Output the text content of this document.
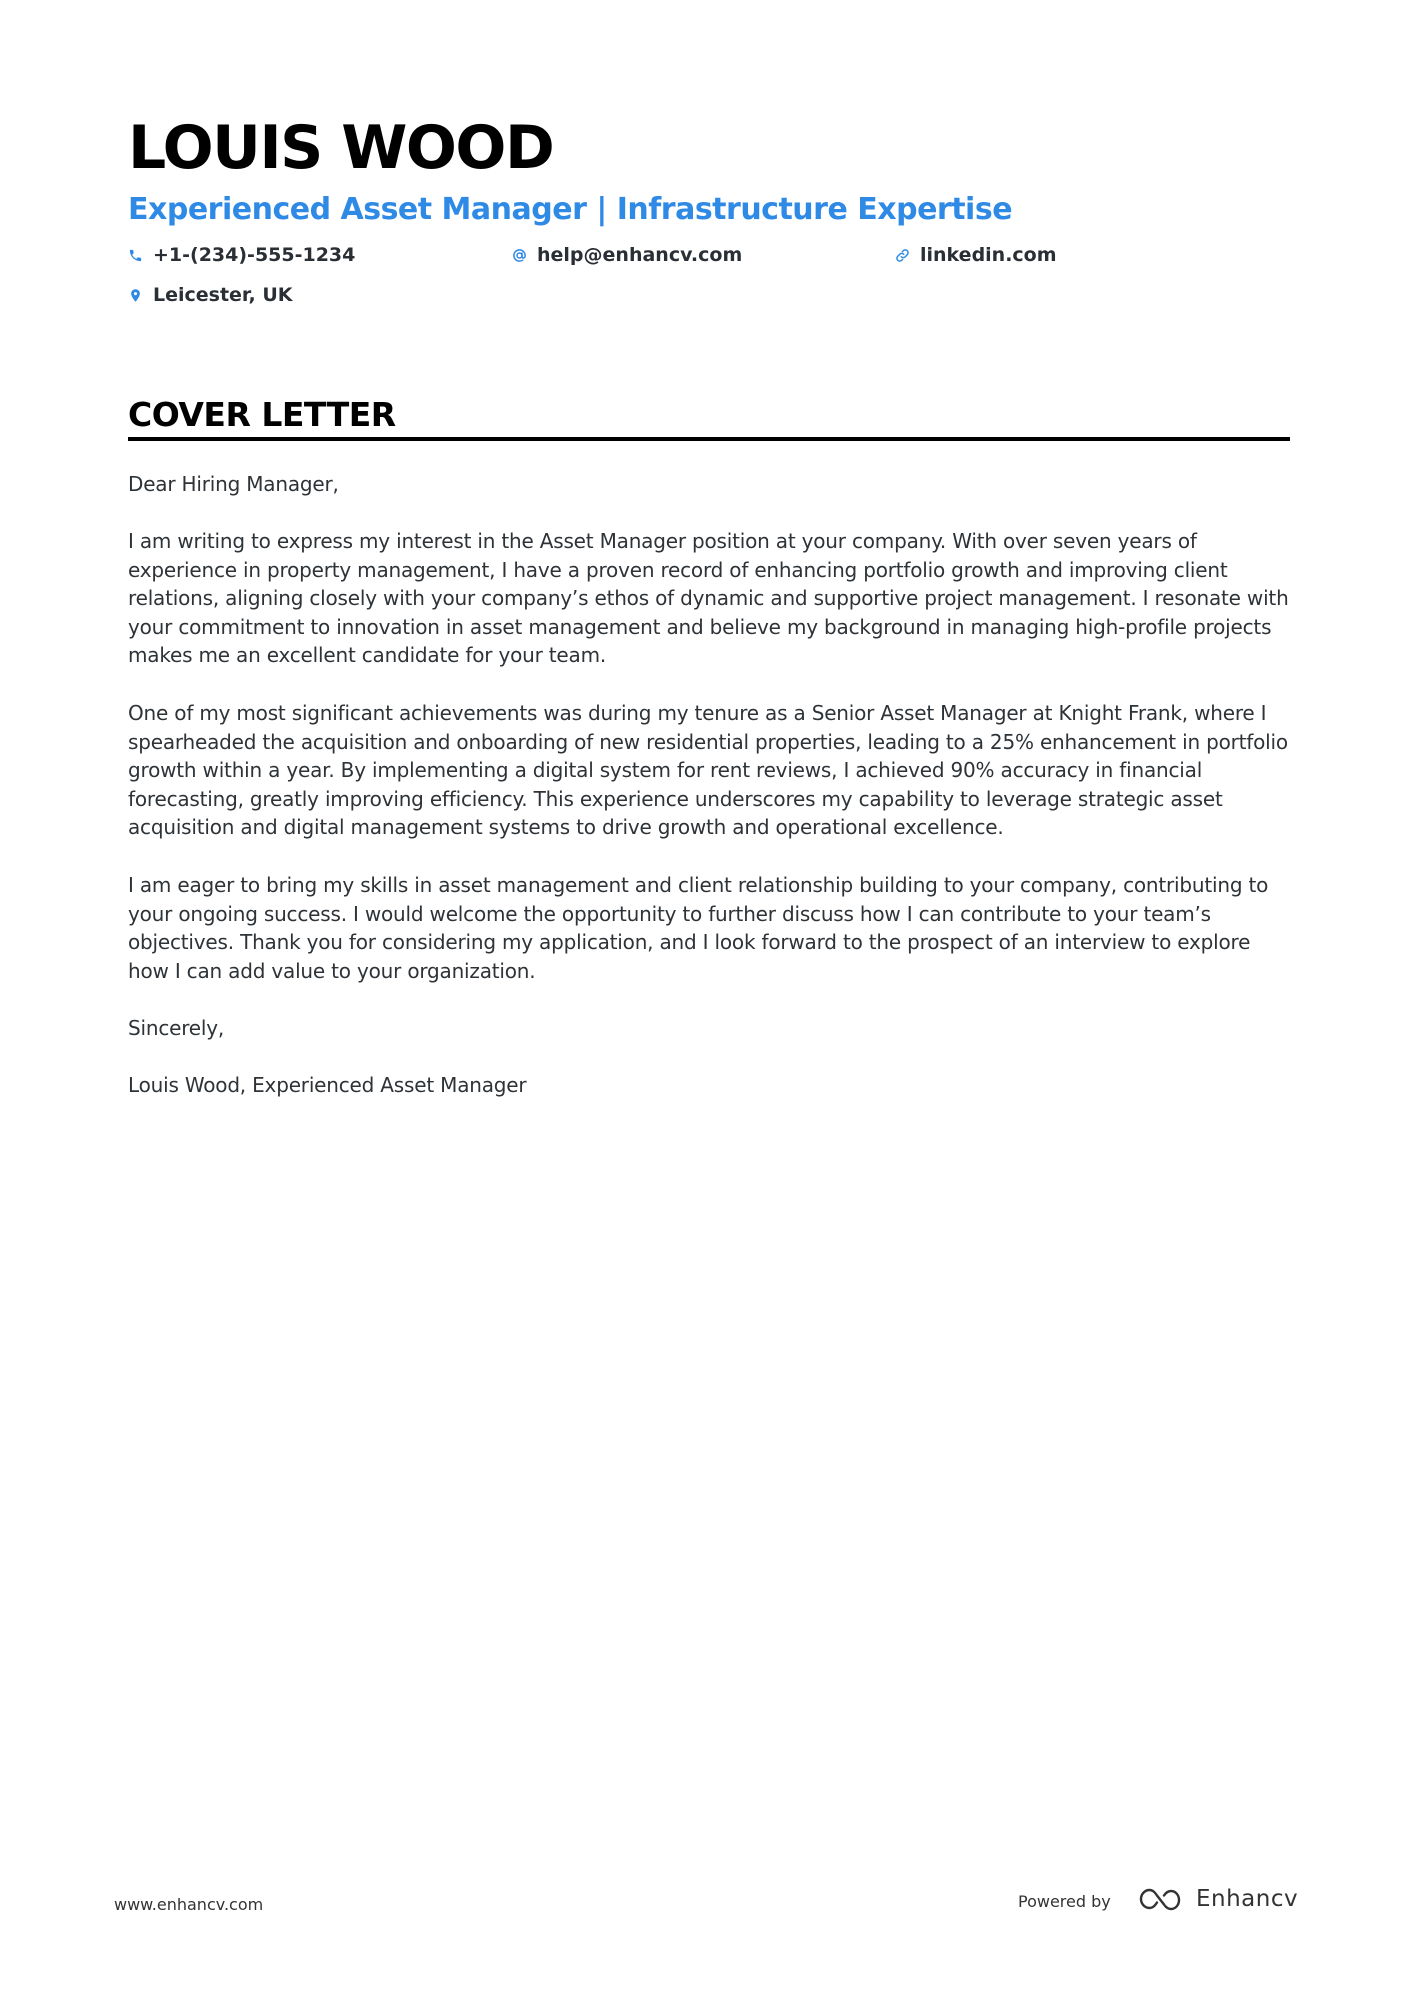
LOUIS WOOD
Experienced Asset Manager | Infrastructure Expertise
+1-(234)-555-1234	help@enhancv.com	linkedin.com
Leicester, UK
COVER LETTER

Dear Hiring Manager,

I am writing to express my interest in the Asset Manager position at your company. With over seven years of experience in property management, I have a proven record of enhancing portfolio growth and improving client relations, aligning closely with your company’s ethos of dynamic and supportive project management. I resonate with your commitment to innovation in asset management and believe my background in managing high-profile projects makes me an excellent candidate for your team.

One of my most significant achievements was during my tenure as a Senior Asset Manager at Knight Frank, where I spearheaded the acquisition and onboarding of new residential properties, leading to a 25% enhancement in portfolio growth within a year. By implementing a digital system for rent reviews, I achieved 90% accuracy in financial forecasting, greatly improving efficiency. This experience underscores my capability to leverage strategic asset acquisition and digital management systems to drive growth and operational excellence.

I am eager to bring my skills in asset management and client relationship building to your company, contributing to your ongoing success. I would welcome the opportunity to further discuss how I can contribute to your team’s objectives. Thank you for considering my application, and I look forward to the prospect of an interview to explore how I can add value to your organization.

Sincerely,

Louis Wood, Experienced Asset Manager

www.enhancv.com	Powered by	Enhancv
